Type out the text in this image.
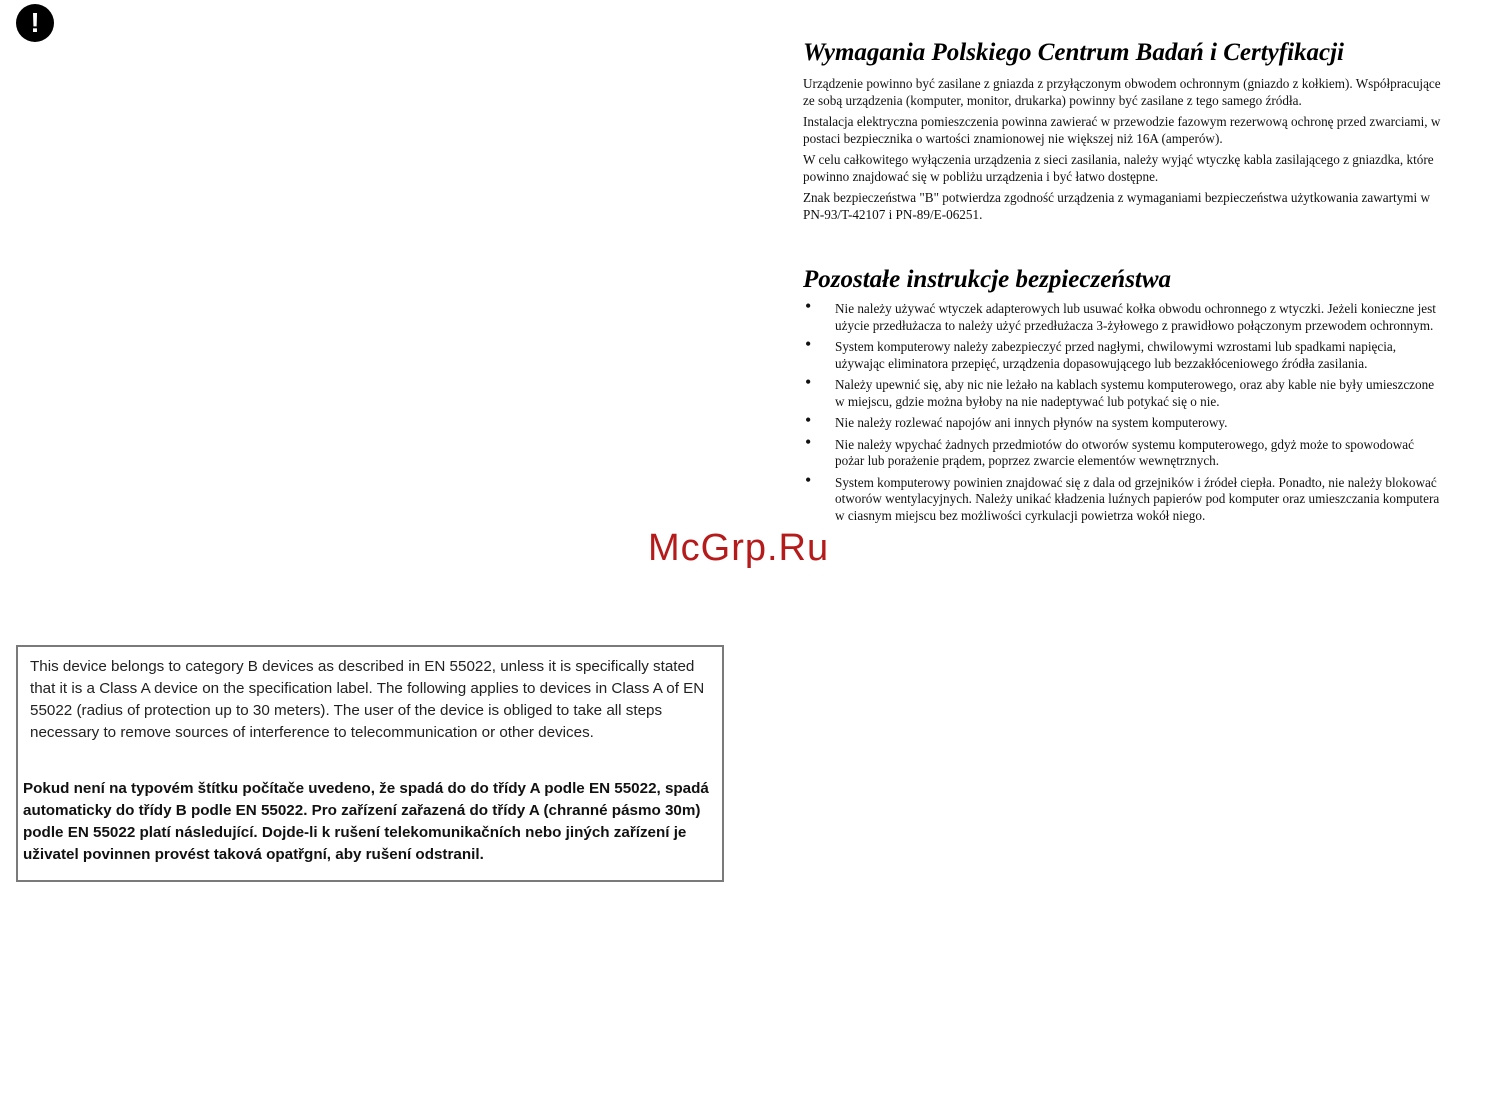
!
This device belongs to category B devices as described in EN 55022, unless it is specifically stated that it is a Class A device on the specification label. The following applies to devices in Class A of EN 55022 (radius of protection up to 30 meters). The user of the device is obliged to take all steps necessary to remove sources of interference to telecommunication or other devices.
Pokud není na typovém štítku počítače uvedeno, že spadá do do třídy A podle EN 55022, spadá automaticky do třídy B podle EN 55022. Pro zařízení zařazená do třídy A (chranné pásmo 30m) podle EN 55022 platí následující. Dojde-li k rušení telekomunikačních nebo jiných zařízení je uživatel povinnen provést taková opatřgní, aby rušení odstranil.
Wymagania Polskiego Centrum Badań i Certyfikacji

Urządzenie powinno być zasilane z gniazda z przyłączonym obwodem ochronnym (gniazdo z kołkiem). Współpracujące ze sobą urządzenia (komputer, monitor, drukarka) powinny być zasilane z tego samego źródła.

Instalacja elektryczna pomieszczenia powinna zawierać w przewodzie fazowym rezerwową ochronę przed zwarciami, w postaci bezpiecznika o wartości znamionowej nie większej niż 16A (amperów).

W celu całkowitego wyłączenia urządzenia z sieci zasilania, należy wyjąć wtyczkę kabla zasilającego z gniazdka, które powinno znajdować się w pobliżu urządzenia i być łatwo dostępne.

Znak bezpieczeństwa "B" potwierdza zgodność urządzenia z wymaganiami bezpieczeństwa użytkowania zawartymi w PN-93/T-42107 i PN-89/E-06251.

Pozostałe instrukcje bezpieczeństwa
• Nie należy używać wtyczek adapterowych lub usuwać kołka obwodu ochronnego z wtyczki. Jeżeli konieczne jest użycie przedłużacza to należy użyć przedłużacza 3-żyłowego z prawidłowo połączonym przewodem ochronnym.
• System komputerowy należy zabezpieczyć przed nagłymi, chwilowymi wzrostami lub spadkami napięcia, używając eliminatora przepięć, urządzenia dopasowującego lub bezzakłóceniowego źródła zasilania.
• Należy upewnić się, aby nic nie leżało na kablach systemu komputerowego, oraz aby kable nie były umieszczone w miejscu, gdzie można byłoby na nie nadeptywać lub potykać się o nie.
• Nie należy rozlewać napojów ani innych płynów na system komputerowy.
• Nie należy wpychać żadnych przedmiotów do otworów systemu komputerowego, gdyż może to spowodować pożar lub porażenie prądem, poprzez zwarcie elementów wewnętrznych.
• System komputerowy powinien znajdować się z dala od grzejników i źródeł ciepła. Ponadto, nie należy blokować otworów wentylacyjnych. Należy unikać kładzenia luźnych papierów pod komputer oraz umieszczania komputera w ciasnym miejscu bez możliwości cyrkulacji powietrza wokół niego.
McGrp.Ru
